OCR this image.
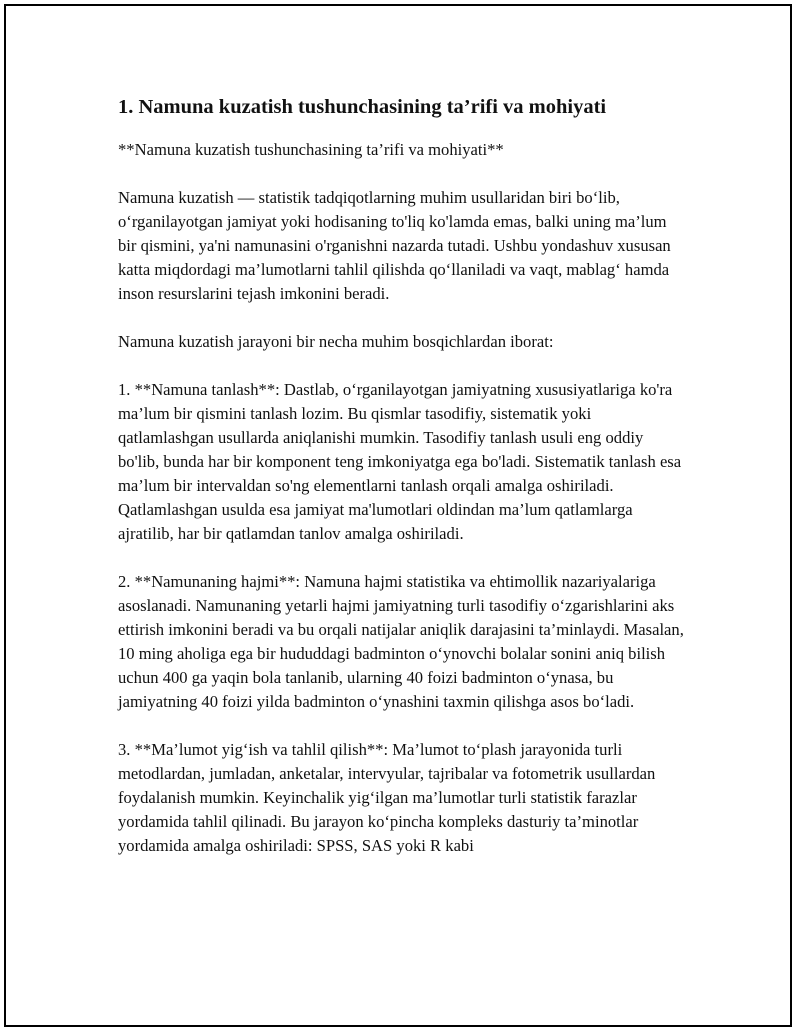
1. Namuna kuzatish tushunchasining ta’rifi va mohiyati

**Namuna kuzatish tushunchasining ta’rifi va mohiyati**

Namuna kuzatish — statistik tadqiqotlarning muhim usullaridan biri bo‘lib, o‘rganilayotgan jamiyat yoki hodisaning to'liq ko'lamda emas, balki uning ma’lum bir qismini, ya'ni namunasini o'rganishni nazarda tutadi. Ushbu yondashuv xususan katta miqdordagi ma’lumotlarni tahlil qilishda qo‘llaniladi va vaqt, mablag‘ hamda inson resurslarini tejash imkonini beradi.

Namuna kuzatish jarayoni bir necha muhim bosqichlardan iborat:

1. **Namuna tanlash**: Dastlab, o‘rganilayotgan jamiyatning xususiyatlariga ko'ra ma’lum bir qismini tanlash lozim. Bu qismlar tasodifiy, sistematik yoki qatlamlashgan usullarda aniqlanishi mumkin. Tasodifiy tanlash usuli eng oddiy bo'lib, bunda har bir komponent teng imkoniyatga ega bo'ladi. Sistematik tanlash esa ma’lum bir intervaldan so'ng elementlarni tanlash orqali amalga oshiriladi. Qatlamlashgan usulda esa jamiyat ma'lumotlari oldindan ma’lum qatlamlarga ajratilib, har bir qatlamdan tanlov amalga oshiriladi.

2. **Namunaning hajmi**: Namuna hajmi statistika va ehtimollik nazariyalariga asoslanadi. Namunaning yetarli hajmi jamiyatning turli tasodifiy o‘zgarishlarini aks ettirish imkonini beradi va bu orqali natijalar aniqlik darajasini ta’minlaydi. Masalan, 10 ming aholiga ega bir hududdagi badminton o‘ynovchi bolalar sonini aniq bilish uchun 400 ga yaqin bola tanlanib, ularning 40 foizi badminton o‘ynasa, bu jamiyatning 40 foizi yilda badminton o‘ynashini taxmin qilishga asos bo‘ladi.

3. **Ma’lumot yig‘ish va tahlil qilish**: Ma’lumot to‘plash jarayonida turli metodlardan, jumladan, anketalar, intervyular, tajribalar va fotometrik usullardan foydalanish mumkin. Keyinchalik yig‘ilgan ma’lumotlar turli statistik farazlar yordamida tahlil qilinadi. Bu jarayon ko‘pincha kompleks dasturiy ta’minotlar yordamida amalga oshiriladi: SPSS, SAS yoki R kabi
